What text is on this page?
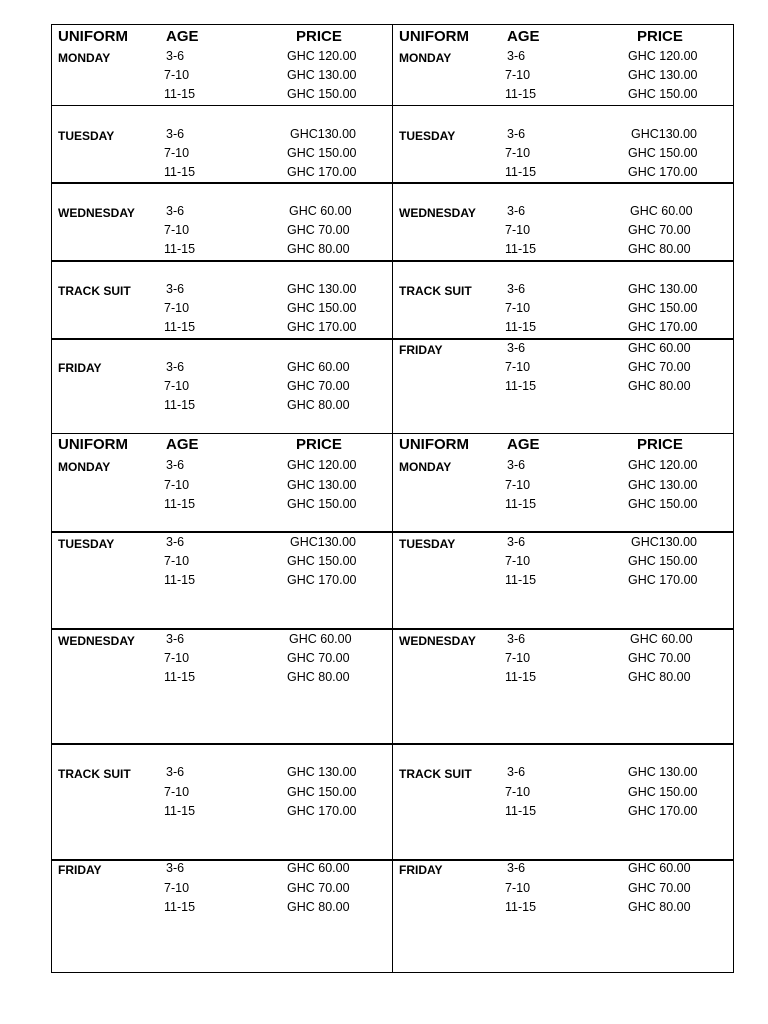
UNIFORM	AGE	PRICE
MONDAY	3-6	GHC 120.00
7-10	GHC 130.00
11-15	GHC 150.00
TUESDAY	3-6	GHC130.00
7-10	GHC 150.00
11-15	GHC 170.00
WEDNESDAY 3-6	GHC 60.00
7-10	GHC 70.00
11-15	GHC 80.00
TRACK SUIT	3-6	GHC 130.00
7-10	GHC 150.00
11-15	GHC 170.00
FRIDAY	3-6	GHC 60.00
7-10	GHC 70.00
11-15	GHC 80.00
UNIFORM	AGE	PRICE
MONDAY	3-6	GHC 120.00
7-10	GHC 130.00
11-15	GHC 150.00
TUESDAY	3-6	GHC130.00
7-10	GHC 150.00
11-15	GHC 170.00
WEDNESDAY 3-6	GHC 60.00
7-10	GHC 70.00
11-15	GHC 80.00
TRACK SUIT	3-6	GHC 130.00
7-10	GHC 150.00
11-15	GHC 170.00
FRIDAY	3-6	GHC 60.00
7-10	GHC 70.00
11-15	GHC 80.00
UNIFORM	AGE	PRICE
MONDAY	3-6	GHC 120.00
7-10	GHC 130.00
11-15	GHC 150.00
TUESDAY	3-6	GHC130.00
7-10	GHC 150.00
11-15	GHC 170.00
WEDNESDAY 3-6	GHC 60.00
7-10	GHC 70.00
11-15	GHC 80.00
TRACK SUIT	3-6	GHC 130.00
7-10	GHC 150.00
11-15	GHC 170.00
FRIDAY	3-6	GHC 60.00
7-10	GHC 70.00
11-15	GHC 80.00
UNIFORM	AGE	PRICE
MONDAY	3-6	GHC 120.00
7-10	GHC 130.00
11-15	GHC 150.00
TUESDAY	3-6	GHC130.00
7-10	GHC 150.00
11-15	GHC 170.00
WEDNESDAY 3-6	GHC 60.00
7-10	GHC 70.00
11-15	GHC 80.00
TRACK SUIT	3-6	GHC 130.00
7-10	GHC 150.00
11-15	GHC 170.00
FRIDAY	3-6	GHC 60.00
7-10	GHC 70.00
11-15	GHC 80.00
